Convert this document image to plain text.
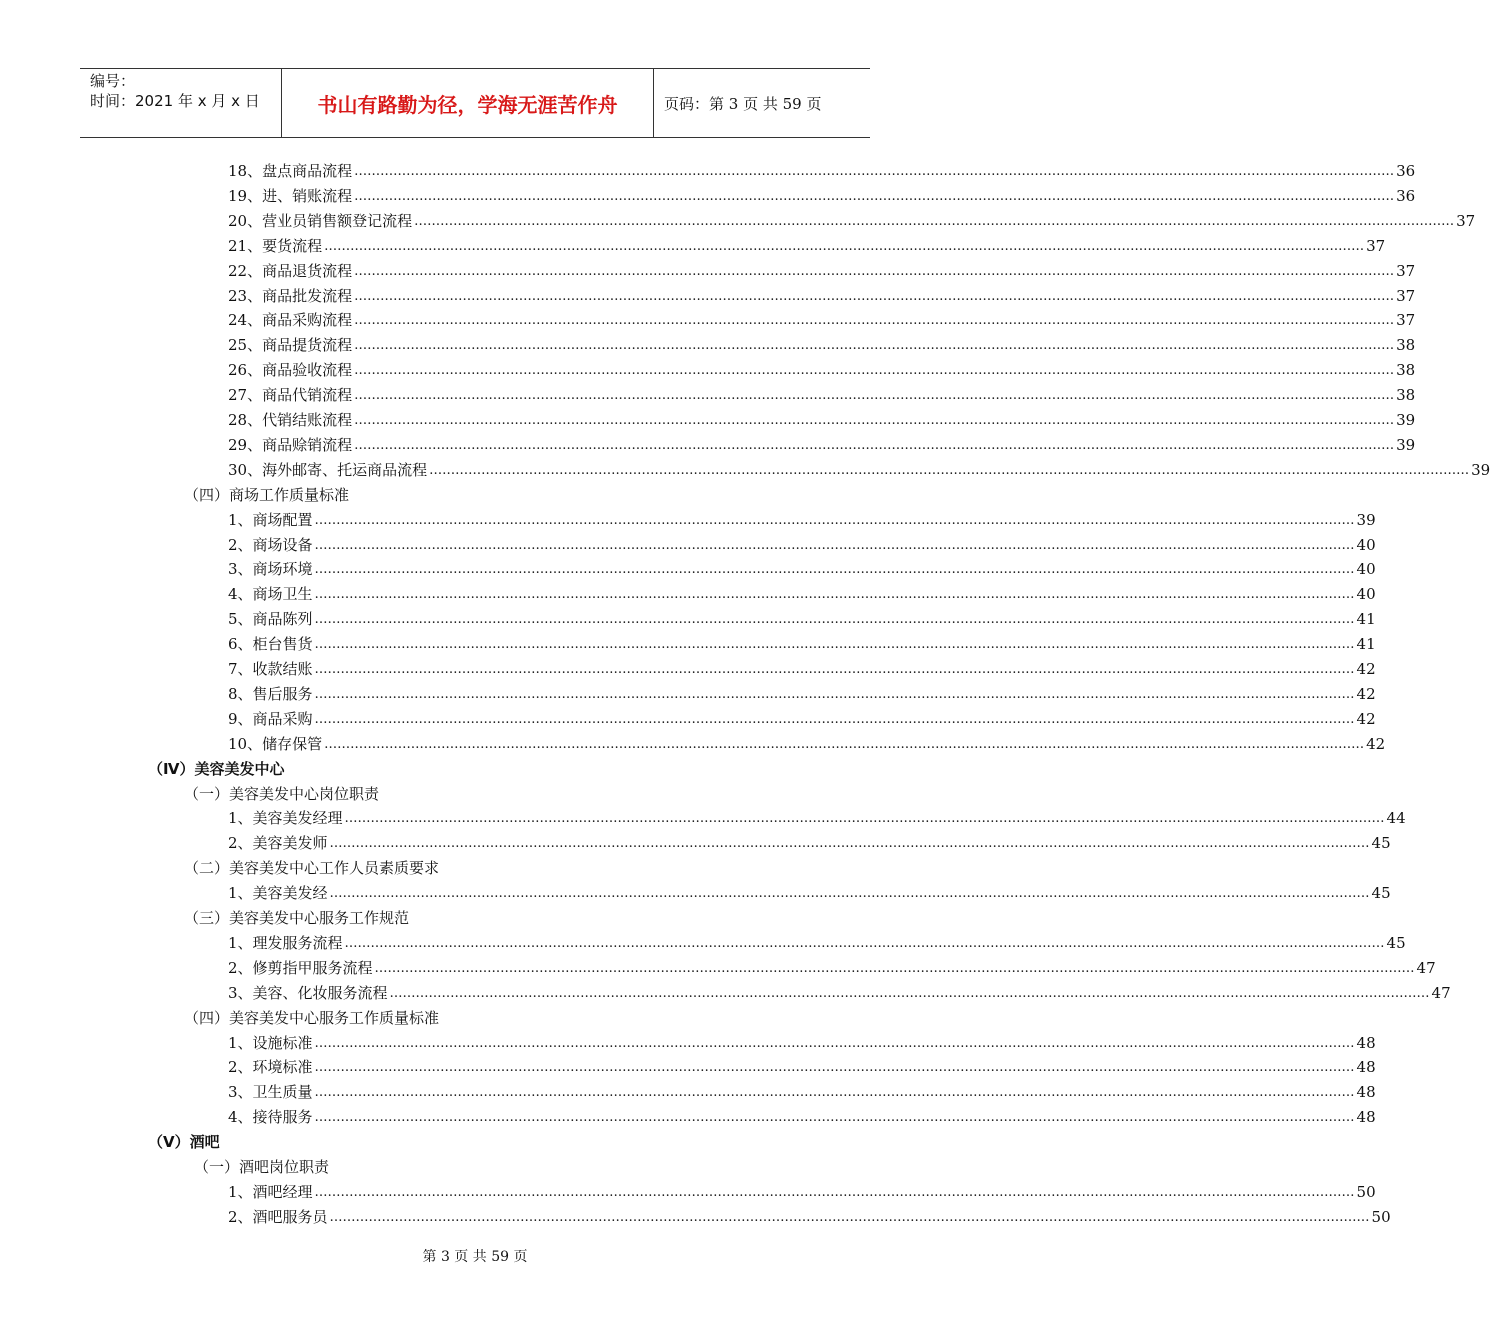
编号：
时间：2021 年 x 月 x 日	书山有路勤为径，学海无涯苦作舟	页码：第 3 页 共 59 页
18、盘点商品流程 …………………………………………………………………………………………………………………………………………………………………………………………………………………… 36
19、进、销账流程 …………………………………………………………………………………………………………………………………………………………………………………………………………………… 36
20、营业员销售额登记流程 …………………………………………………………………………………………………………………………………………………………………………………………………………………… 37
21、要货流程 …………………………………………………………………………………………………………………………………………………………………………………………………………………… 37
22、商品退货流程 …………………………………………………………………………………………………………………………………………………………………………………………………………………… 37
23、商品批发流程 …………………………………………………………………………………………………………………………………………………………………………………………………………………… 37
24、商品采购流程 …………………………………………………………………………………………………………………………………………………………………………………………………………………… 37
25、商品提货流程 …………………………………………………………………………………………………………………………………………………………………………………………………………………… 38
26、商品验收流程 …………………………………………………………………………………………………………………………………………………………………………………………………………………… 38
27、商品代销流程 …………………………………………………………………………………………………………………………………………………………………………………………………………………… 38
28、代销结账流程 …………………………………………………………………………………………………………………………………………………………………………………………………………………… 39
29、商品赊销流程 …………………………………………………………………………………………………………………………………………………………………………………………………………………… 39
30、海外邮寄、托运商品流程 …………………………………………………………………………………………………………………………………………………………………………………………………………………… 39
（四）商场工作质量标准
1、商场配置 …………………………………………………………………………………………………………………………………………………………………………………………………………………… 39
2、商场设备 …………………………………………………………………………………………………………………………………………………………………………………………………………………… 40
3、商场环境 …………………………………………………………………………………………………………………………………………………………………………………………………………………… 40
4、商场卫生 …………………………………………………………………………………………………………………………………………………………………………………………………………………… 40
5、商品陈列 …………………………………………………………………………………………………………………………………………………………………………………………………………………… 41
6、柜台售货 …………………………………………………………………………………………………………………………………………………………………………………………………………………… 41
7、收款结账 …………………………………………………………………………………………………………………………………………………………………………………………………………………… 42
8、售后服务 …………………………………………………………………………………………………………………………………………………………………………………………………………………… 42
9、商品采购 …………………………………………………………………………………………………………………………………………………………………………………………………………………… 42
10、储存保管 …………………………………………………………………………………………………………………………………………………………………………………………………………………… 42
（Ⅳ）美容美发中心
（一）美容美发中心岗位职责
1、美容美发经理 …………………………………………………………………………………………………………………………………………………………………………………………………………………… 44
2、美容美发师 …………………………………………………………………………………………………………………………………………………………………………………………………………………… 45
（二）美容美发中心工作人员素质要求
1、美容美发经 …………………………………………………………………………………………………………………………………………………………………………………………………………………… 45
（三）美容美发中心服务工作规范
1、理发服务流程 …………………………………………………………………………………………………………………………………………………………………………………………………………………… 45
2、修剪指甲服务流程 …………………………………………………………………………………………………………………………………………………………………………………………………………………… 47
3、美容、化妆服务流程 …………………………………………………………………………………………………………………………………………………………………………………………………………………… 47
（四）美容美发中心服务工作质量标准
1、设施标准 …………………………………………………………………………………………………………………………………………………………………………………………………………………… 48
2、环境标准 …………………………………………………………………………………………………………………………………………………………………………………………………………………… 48
3、卫生质量 …………………………………………………………………………………………………………………………………………………………………………………………………………………… 48
4、接待服务 …………………………………………………………………………………………………………………………………………………………………………………………………………………… 48
（Ⅴ）酒吧
（一）酒吧岗位职责
1、酒吧经理 …………………………………………………………………………………………………………………………………………………………………………………………………………………… 50
2、酒吧服务员 …………………………………………………………………………………………………………………………………………………………………………………………………………………… 50
第 3 页 共 59 页
